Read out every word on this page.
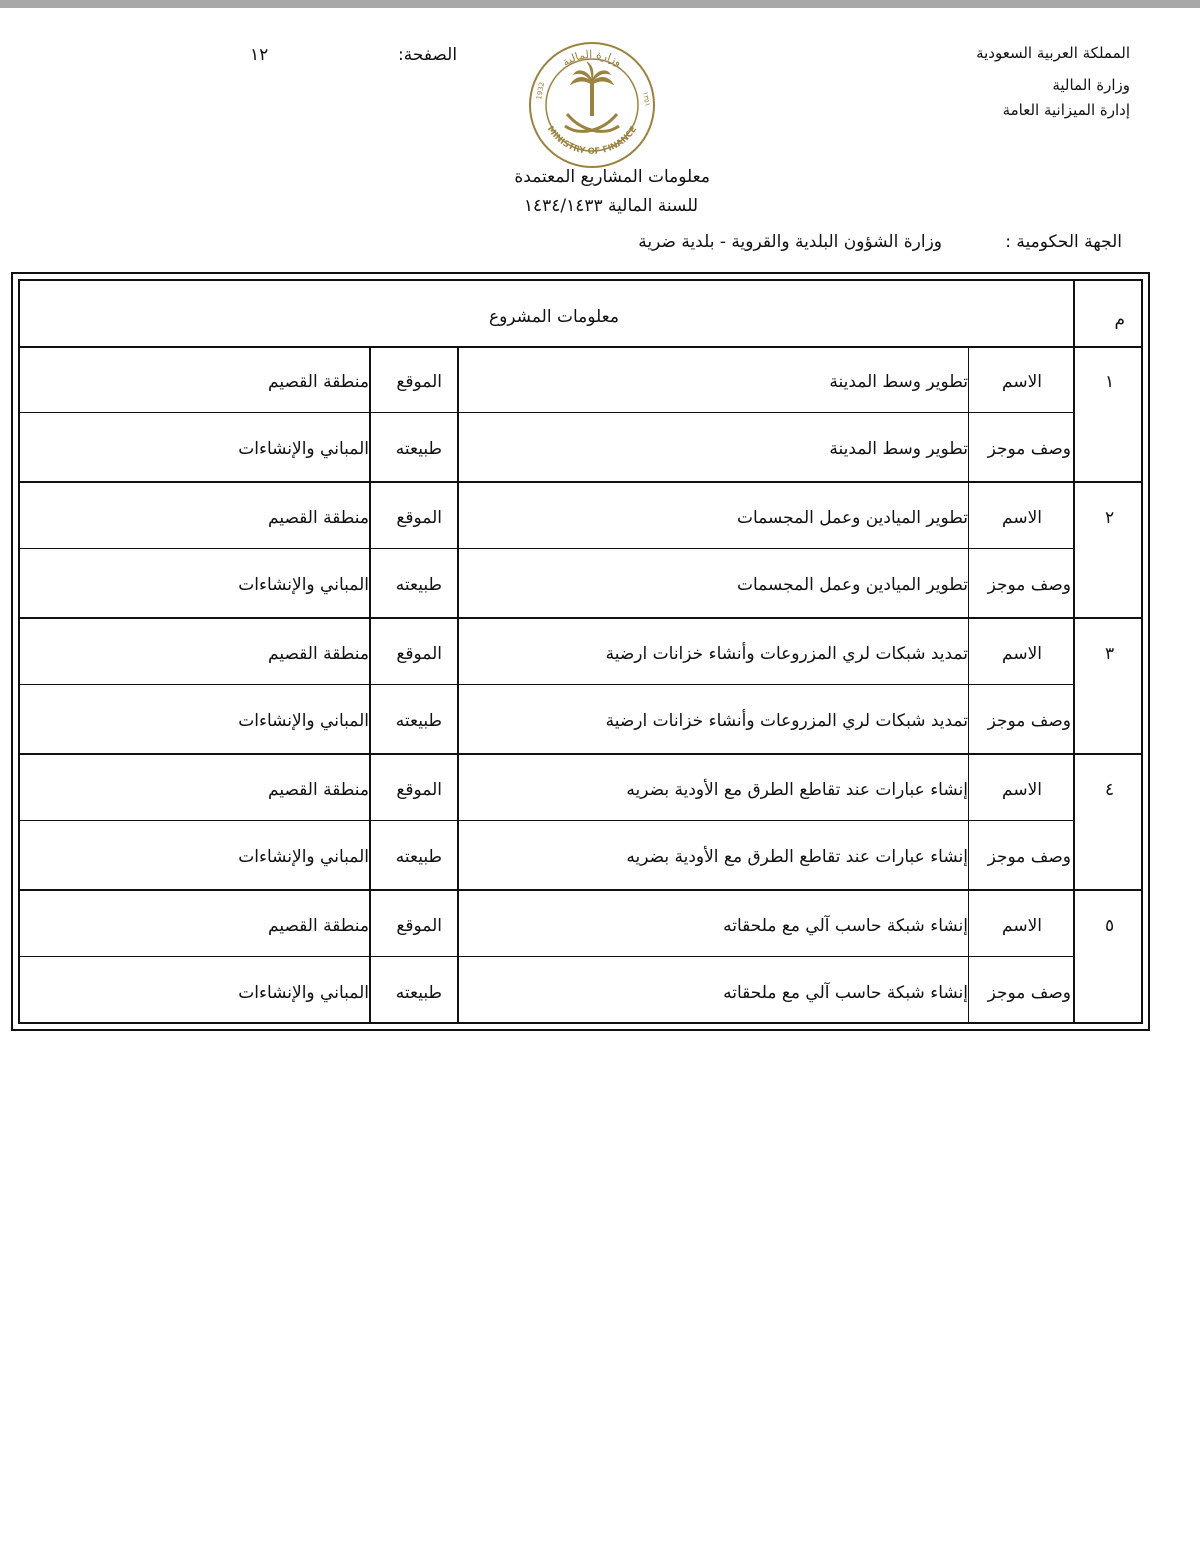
المملكة العربية السعودية
وزارة المالية
إدارة الميزانية العامة
الصفحة:
١٢	وزارة المالية
MINISTRY OF FINANCE
1932	١٣٥١
معلومات المشاريع المعتمدة
للسنة المالية ١٤٣٤/١٤٣٣
الجهة الحكومية :
وزارة الشؤون البلدية والقروية - بلدية ضرية
م
معلومات المشروع
١
الاسم
تطوير وسط المدينة
الموقع
منطقة القصيم
وصف موجز
تطوير وسط المدينة
طبيعته
المباني والإنشاءات
٢
الاسم
تطوير الميادين وعمل المجسمات
الموقع
منطقة القصيم
وصف موجز
تطوير الميادين وعمل المجسمات
طبيعته
المباني والإنشاءات
٣
الاسم
تمديد شبكات لري المزروعات وأنشاء خزانات ارضية
الموقع
منطقة القصيم
وصف موجز
تمديد شبكات لري المزروعات وأنشاء خزانات ارضية
طبيعته
المباني والإنشاءات
٤
الاسم
إنشاء عبارات عند تقاطع الطرق مع الأودية بضريه
الموقع
منطقة القصيم
وصف موجز
إنشاء عبارات عند تقاطع الطرق مع الأودية بضريه
طبيعته
المباني والإنشاءات
٥
الاسم
إنشاء شبكة حاسب آلي مع ملحقاته
الموقع
منطقة القصيم
وصف موجز
إنشاء شبكة حاسب آلي مع ملحقاته
طبيعته
المباني والإنشاءات
